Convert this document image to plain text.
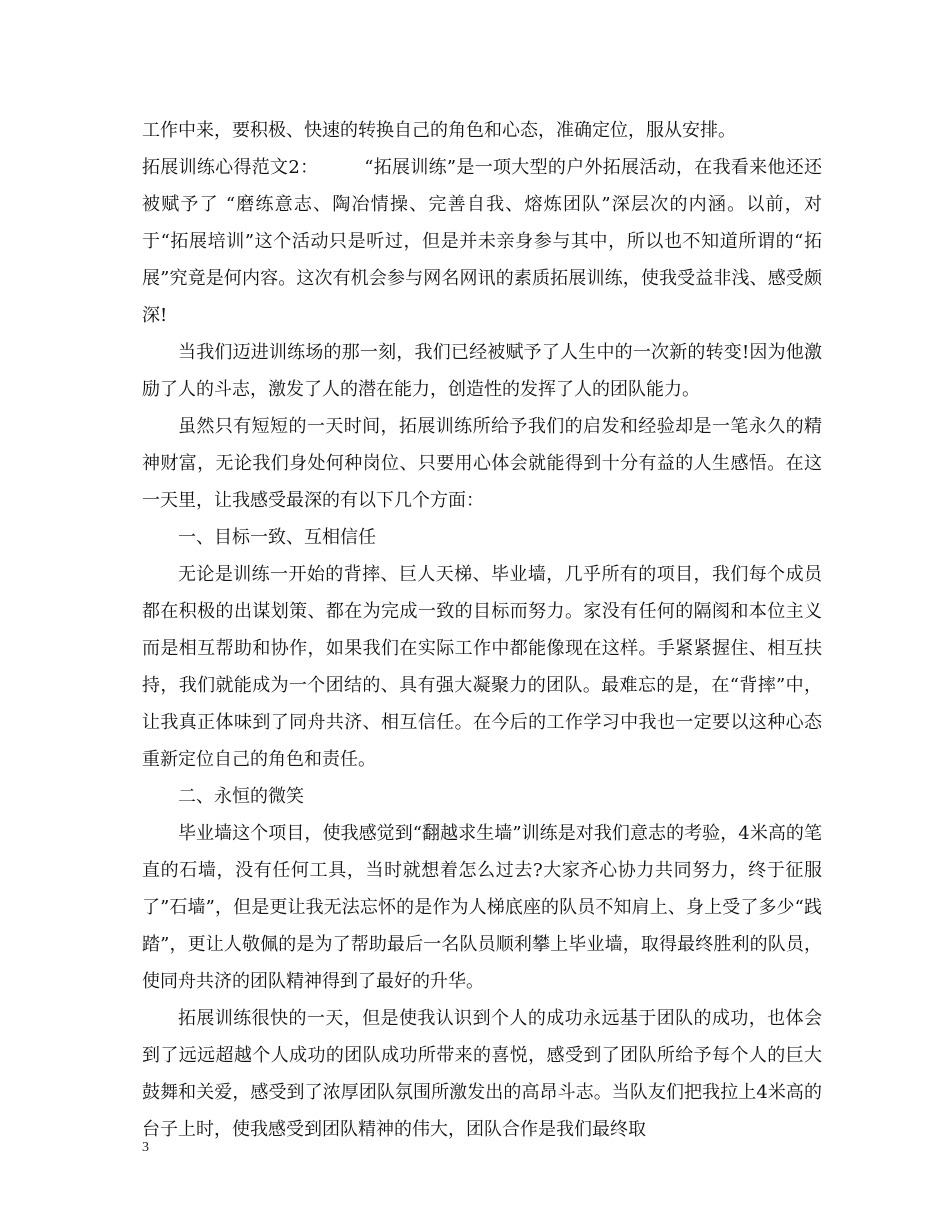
工作中来，要积极、快速的转换自己的角色和心态，准确定位，服从安排。

拓展训练心得范文2：　　　“拓展训练”是一项大型的户外拓展活动，在我看来他还还被赋予了 “磨练意志、陶冶情操、完善自我、熔炼团队”深层次的内涵。以前，对于“拓展培训”这个活动只是听过，但是并未亲身参与其中，所以也不知道所谓的“拓展”究竟是何内容。这次有机会参与网名网讯的素质拓展训练，使我受益非浅、感受颇深!

当我们迈进训练场的那一刻，我们已经被赋予了人生中的一次新的转变!因为他激励了人的斗志，激发了人的潜在能力，创造性的发挥了人的团队能力。

虽然只有短短的一天时间，拓展训练所给予我们的启发和经验却是一笔永久的精神财富，无论我们身处何种岗位、只要用心体会就能得到十分有益的人生感悟。在这一天里，让我感受最深的有以下几个方面：

一、目标一致、互相信任

无论是训练一开始的背摔、巨人天梯、毕业墙，几乎所有的项目，我们每个成员都在积极的出谋划策、都在为完成一致的目标而努力。家没有任何的隔阂和本位主义而是相互帮助和协作，如果我们在实际工作中都能像现在这样。手紧紧握住、相互扶持，我们就能成为一个团结的、具有强大凝聚力的团队。最难忘的是，在“背摔”中，让我真正体味到了同舟共济、相互信任。在今后的工作学习中我也一定要以这种心态重新定位自己的角色和责任。

二、永恒的微笑

毕业墙这个项目，使我感觉到“翻越求生墙”训练是对我们意志的考验，4米高的笔直的石墙，没有任何工具，当时就想着怎么过去?大家齐心协力共同努力，终于征服了”石墙”，但是更让我无法忘怀的是作为人梯底座的队员不知肩上、身上受了多少“践踏”，更让人敬佩的是为了帮助最后一名队员顺利攀上毕业墙，取得最终胜利的队员，使同舟共济的团队精神得到了最好的升华。

拓展训练很快的一天，但是使我认识到个人的成功永远基于团队的成功，也体会到了远远超越个人成功的团队成功所带来的喜悦，感受到了团队所给予每个人的巨大鼓舞和关爱，感受到了浓厚团队氛围所激发出的高昂斗志。当队友们把我拉上4米高的台子上时，使我感受到团队精神的伟大，团队合作是我们最终取

3
